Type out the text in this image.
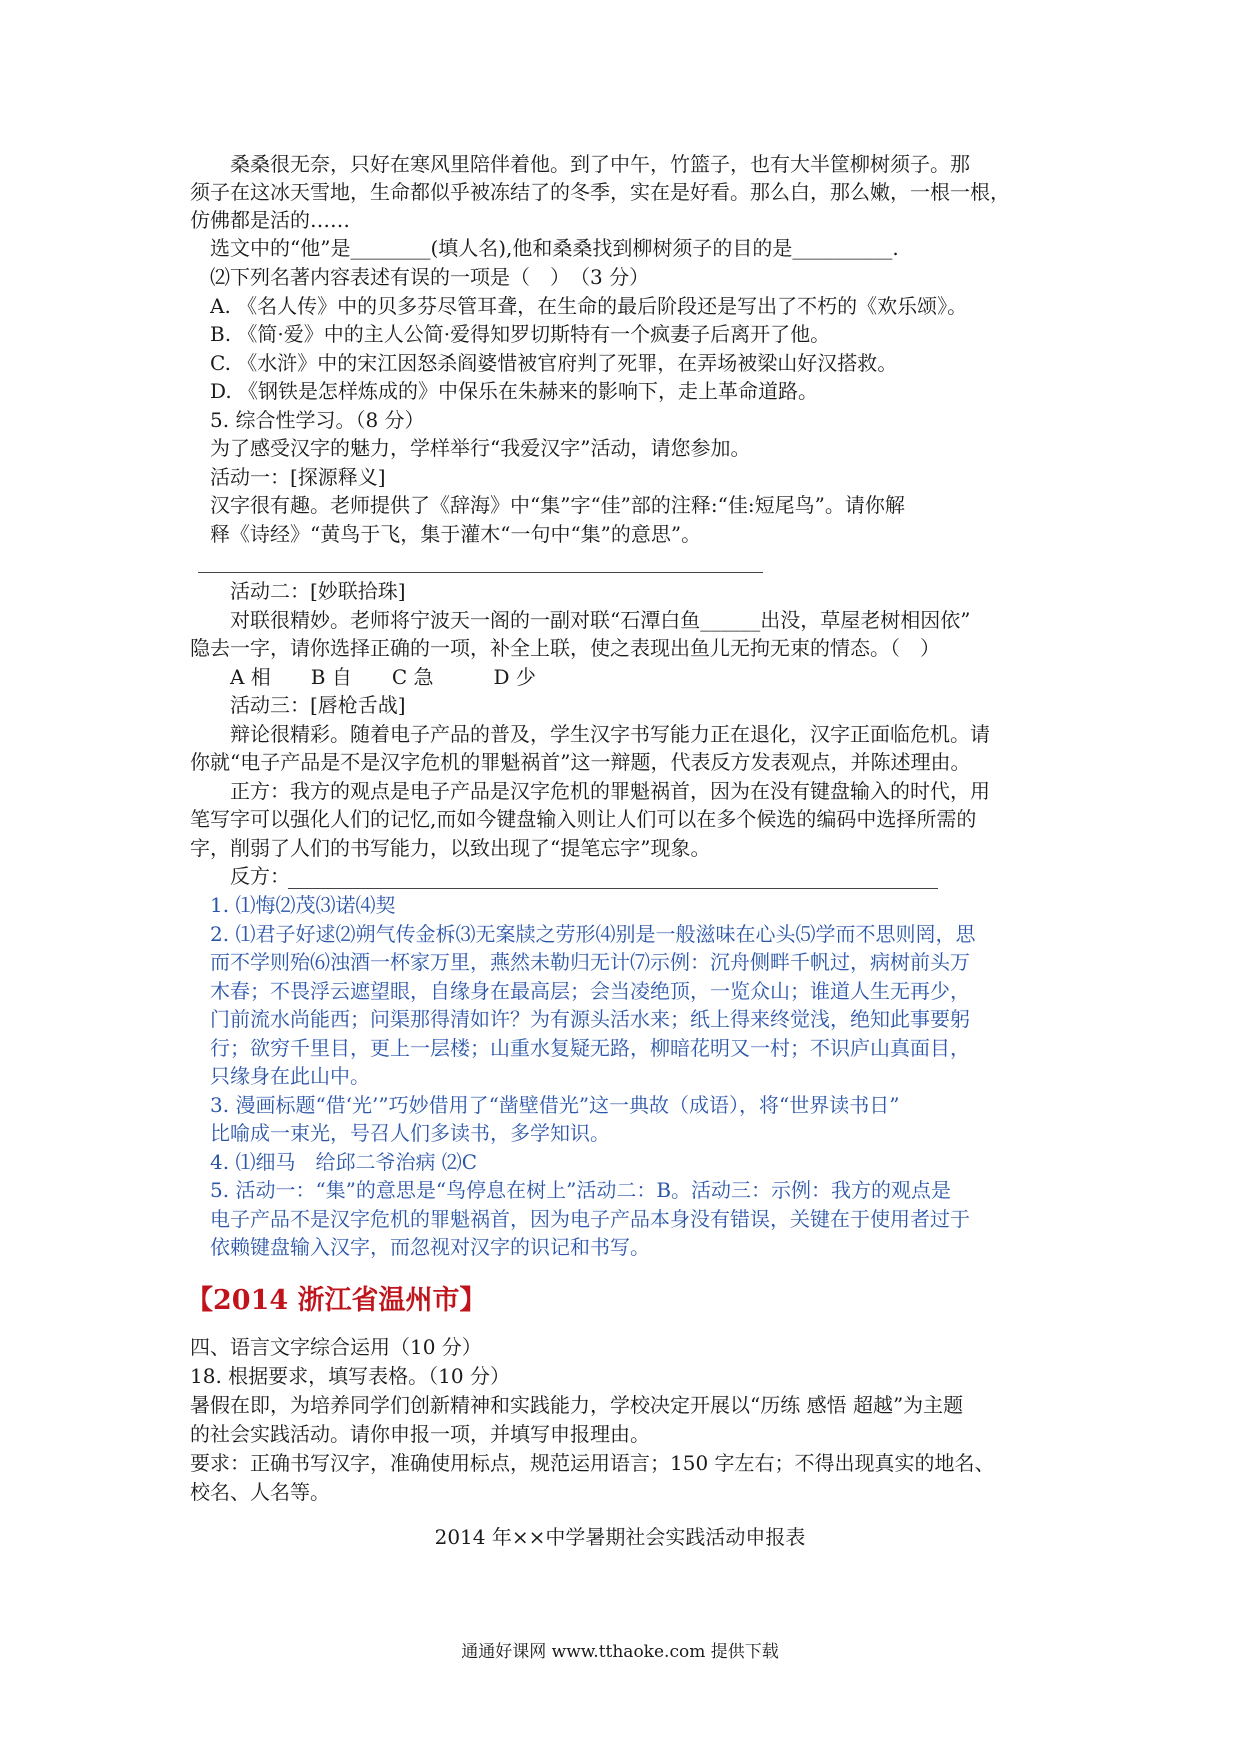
　　桑桑很无奈，只好在寒风里陪伴着他。到了中午，竹篮子，也有大半筐柳树须子。那
须子在这冰天雪地，生命都似乎被冻结了的冬季，实在是好看。那么白，那么嫩，一根一根，
仿佛都是活的……
　选文中的“他”是________(填人名),他和桑桑找到柳树须子的目的是__________.
　⑵下列名著内容表述有误的一项是（　）　（3 分）
　A. 《名人传》中的贝多芬尽管耳聋，在生命的最后阶段还是写出了不朽的《欢乐颂》。
　B. 《简·爱》中的主人公简·爱得知罗切斯特有一个疯妻子后离开了他。
　C. 《水浒》中的宋江因怒杀阎婆惜被官府判了死罪，在弄场被梁山好汉搭救。
　D. 《钢铁是怎样炼成的》中保乐在朱赫来的影响下，走上革命道路。
　5. 综合性学习。（8 分）
　为了感受汉字的魅力，学样举行“我爱汉字”活动，请您参加。
　活动一：[探源释义]
　汉字很有趣。老师提供了《辞海》中“集”字“佳”部的注释:“佳:短尾鸟”。请你解
　释《诗经》“黄鸟于飞，集于灌木“一句中“集”的意思”。
　　活动二：[妙联拾珠]
　　对联很精妙。老师将宁波天一阁的一副对联“石潭白鱼______出没，草屋老树相因依”
隐去一字，请你选择正确的一项，补全上联，使之表现出鱼儿无拘无束的情态。（　）
　　A 相　　B 自　　C 急　　　D 少
　　活动三：[唇枪舌战]
　　辩论很精彩。随着电子产品的普及，学生汉字书写能力正在退化，汉字正面临危机。请
你就“电子产品是不是汉字危机的罪魁祸首”这一辩题，代表反方发表观点，并陈述理由。
　　正方：我方的观点是电子产品是汉字危机的罪魁祸首，因为在没有键盘输入的时代，用
笔写字可以强化人们的记忆,而如今键盘输入则让人们可以在多个候选的编码中选择所需的
字，削弱了人们的书写能力，以致出现了“提笔忘字”现象。
　　反方：
　1. ⑴悔⑵茂⑶诺⑷契
　2. ⑴君子好逑⑵朔气传金柝⑶无案牍之劳形⑷别是一般滋味在心头⑸学而不思则罔，思
　而不学则殆⑹浊酒一杯家万里，燕然未勒归无计⑺示例：沉舟侧畔千帆过，病树前头万
　木春；不畏浮云遮望眼，自缘身在最高层；会当凌绝顶，一览众山；谁道人生无再少，
　门前流水尚能西；问渠那得清如许？为有源头活水来；纸上得来终觉浅，绝知此事要躬
　行；欲穷千里目，更上一层楼；山重水复疑无路，柳暗花明又一村；不识庐山真面目，
　只缘身在此山中。
　3. 漫画标题“借‘光’”巧妙借用了“凿壁借光”这一典故（成语），将“世界读书日”
　比喻成一束光，号召人们多读书，多学知识。
　4. ⑴细马　给邱二爷治病 ⑵C
　5. 活动一：“集”的意思是“鸟停息在树上”活动二：B。活动三：示例：我方的观点是
　电子产品不是汉字危机的罪魁祸首，因为电子产品本身没有错误，关键在于使用者过于
　依赖键盘输入汉字，而忽视对汉字的识记和书写。
【2014 浙江省温州市】
四、语言文字综合运用（10 分）
18. 根据要求，填写表格。（10 分）
暑假在即，为培养同学们创新精神和实践能力，学校决定开展以“历练 感悟 超越”为主题
的社会实践活动。请你申报一项，并填写申报理由。
要求：正确书写汉字，准确使用标点，规范运用语言；150 字左右；不得出现真实的地名、
校名、人名等。
2014 年××中学暑期社会实践活动申报表
通通好课网 www.tthaoke.com 提供下载
